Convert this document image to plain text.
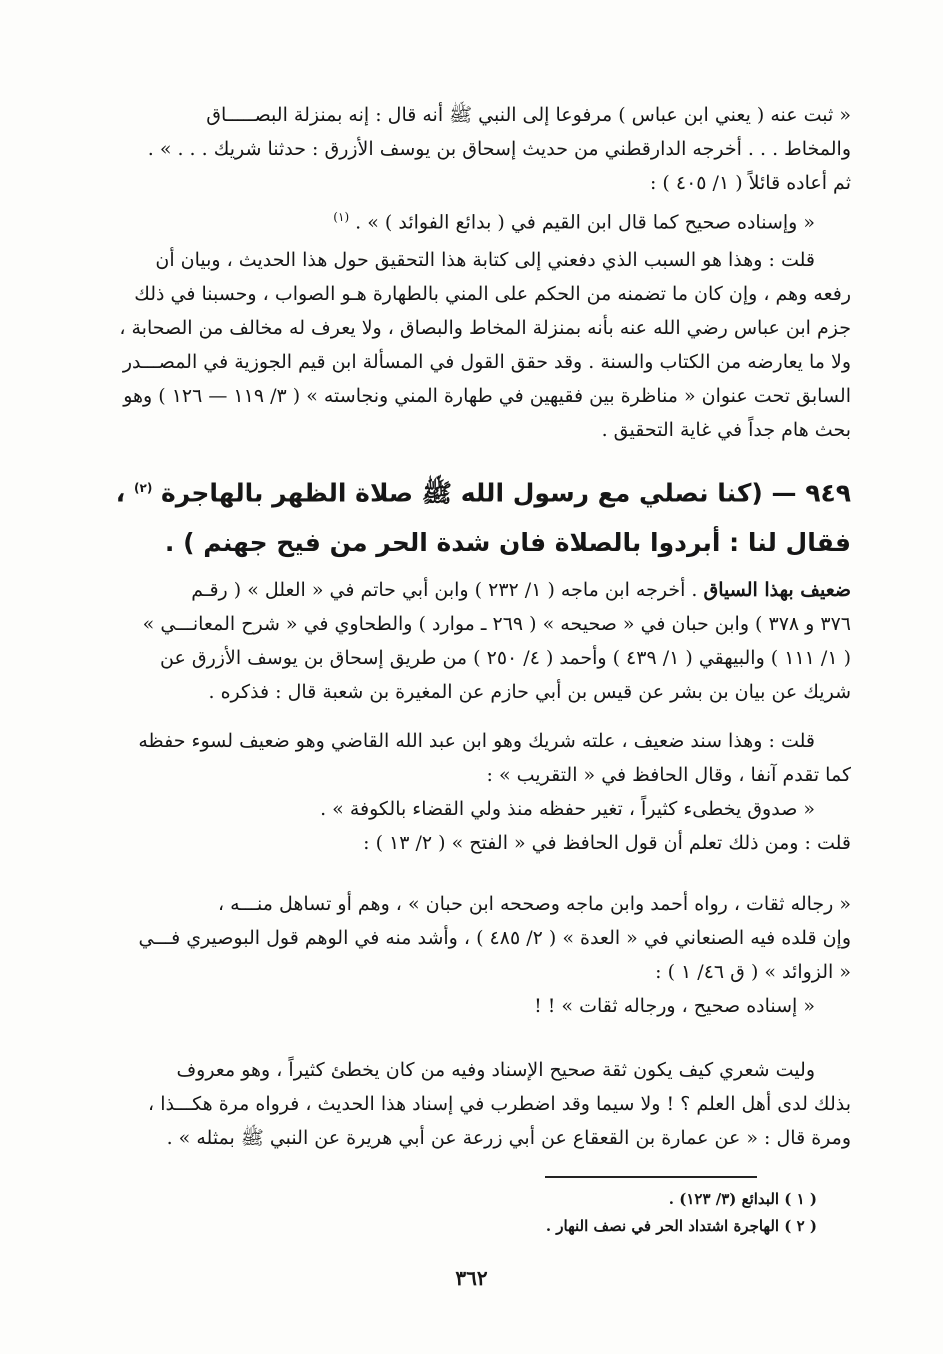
« ثبت عنه ( يعني ابن عباس ) مرفوعا إلى النبي ﷺ أنه قال : إنه بمنزلة البصـــــاق
والمخاط . . . أخرجه الدارقطني من حديث إسحاق بن يوسف الأزرق : حدثنا شريك . . . » .
ثم أعاده قائلاً ( ١/ ٤٠٥ ) :
« وإسناده صحيح كما قال ابن القيم في ( بدائع الفوائد ) » . $^{(١)}$
قلت : وهذا هو السبب الذي دفعني إلى كتابة هذا التحقيق حول هذا الحديث ، وبيان أن
رفعه وهم ، وإن كان ما تضمنه من الحكم على المني بالطهارة هـو الصواب ، وحسبنا في ذلك
جزم ابن عباس رضي الله عنه بأنه بمنزلة المخاط والبصاق ، ولا يعرف له مخالف من الصحابة ،
ولا ما يعارضه من الكتاب والسنة . وقد حقق القول في المسألة ابن قيم الجوزية في المصـــدر
السابق تحت عنوان « مناظرة بين فقيهين في طهارة المني ونجاسته » ( ٣/ ١١٩ — ١٢٦ ) وهو
بحث هام جداً في غاية التحقيق .
٩٤٩ — (كنا نصلي مع رسول الله ﷺ صلاة الظهر بالهاجرة $^{(٢)}$ ،
فقال لنا : أبردوا بالصلاة فان شدة الحر من فيح جهنم ) .
ضعيف بهذا السياق . أخرجه ابن ماجه ( ١/ ٢٣٢ ) وابن أبي حاتم في « العلل » ( رقـم
٣٧٦ و ٣٧٨ ) وابن حبان في « صحيحه » ( ٢٦٩ ـ موارد ) والطحاوي في « شرح المعانـــي »
( ١/ ١١١ ) والبيهقي ( ١/ ٤٣٩ ) وأحمد ( ٤/ ٢٥٠ ) من طريق إسحاق بن يوسف الأزرق عن
شريك عن بيان بن بشر عن قيس بن أبي حازم عن المغيرة بن شعبة قال : فذكره .
قلت : وهذا سند ضعيف ، علته شريك وهو ابن عبد الله القاضي وهو ضعيف لسوء حفظه
كما تقدم آنفا ، وقال الحافظ في « التقريب » :
« صدوق يخطىء كثيراً ، تغير حفظه منذ ولي القضاء بالكوفة » .
قلت : ومن ذلك تعلم أن قول الحافظ في « الفتح » ( ٢/ ١٣ ) :
« رجاله ثقات ، رواه أحمد وابن ماجه وصححه ابن حبان » ، وهم أو تساهل منـــه ،
وإن قلده فيه الصنعاني في « العدة » ( ٢/ ٤٨٥ ) ، وأشد منه في الوهم قول البوصيري فـــي
« الزوائد » ( ق ٤٦/ ١ ) :
« إسناده صحيح ، ورجاله ثقات » ! !
وليت شعري كيف يكون ثقة صحيح الإسناد وفيه من كان يخطئ كثيراً ، وهو معروف
بذلك لدى أهل العلم ؟ ! ولا سيما وقد اضطرب في إسناد هذا الحديث ، فرواه مرة هكـــذا ،
ومرة قال : « عن عمارة بن القعقاع عن أبي زرعة عن أبي هريرة عن النبي ﷺ بمثله » .
( ١ ) البدائع (٣/ ١٢٣) .
( ٢ ) الهاجرة اشتداد الحر في نصف النهار .
٣٦٢
